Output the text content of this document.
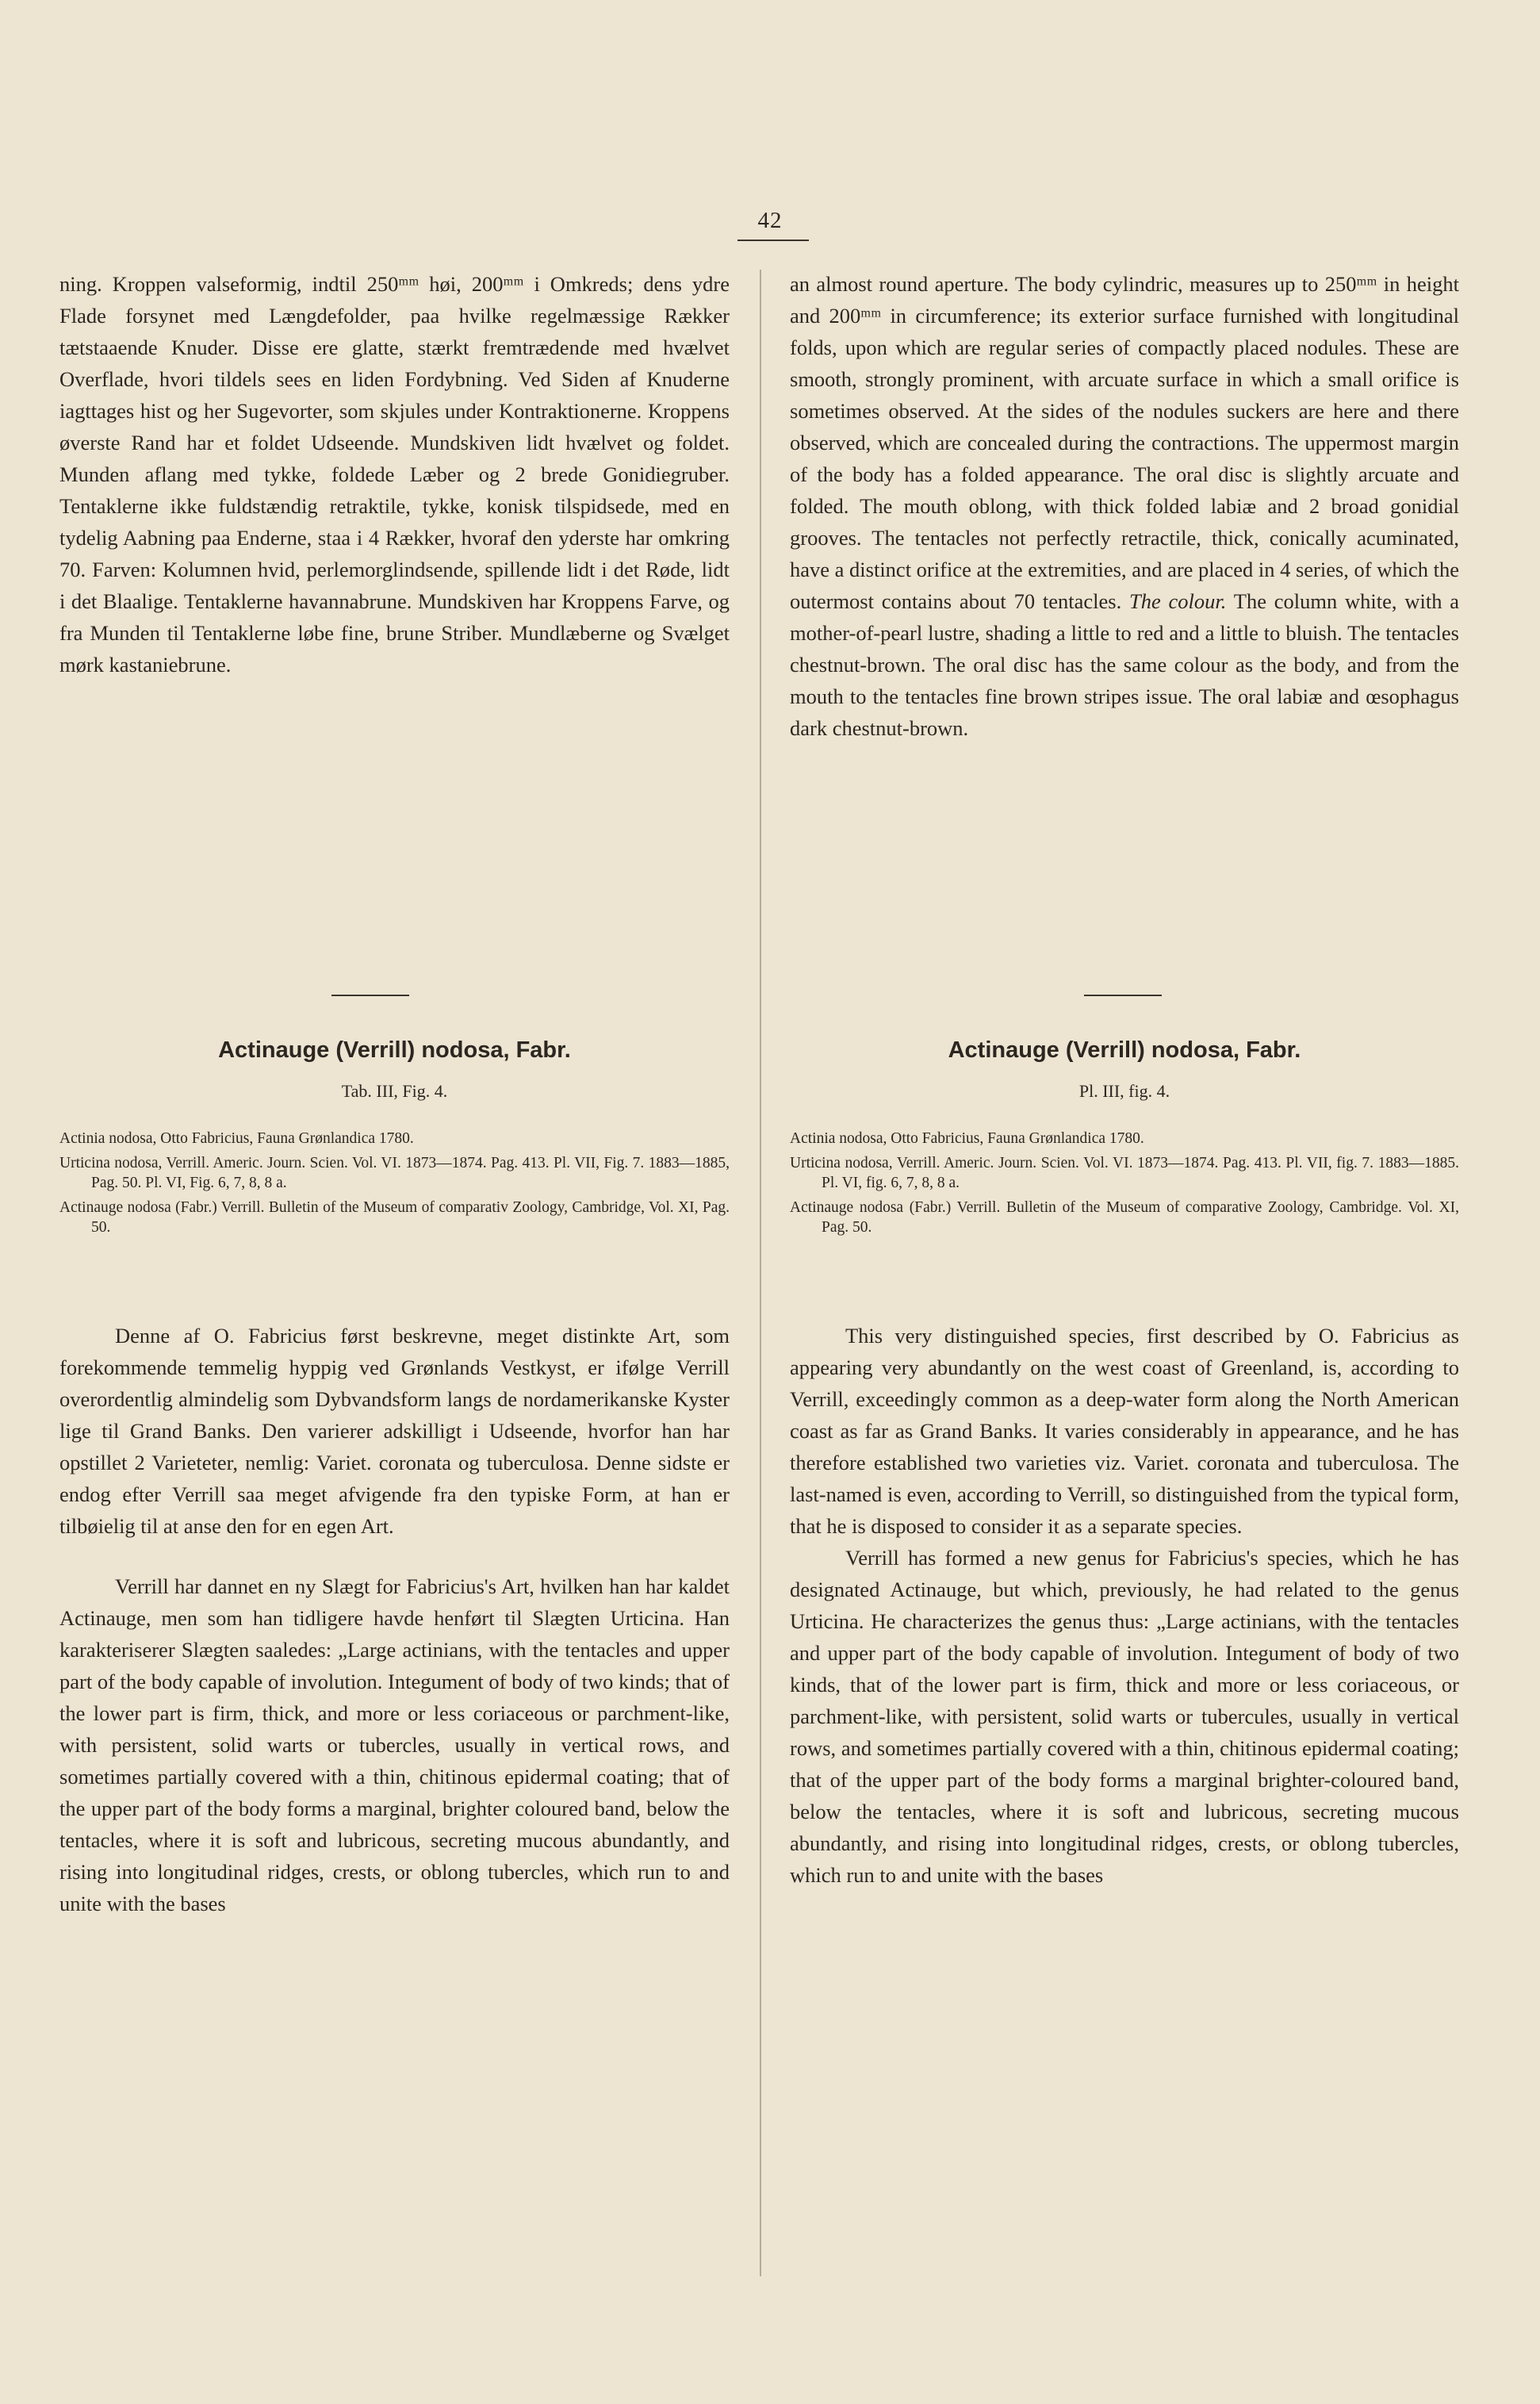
42

ning. Kroppen valseformig, indtil 250ᵐᵐ høi, 200ᵐᵐ i Omkreds; dens ydre Flade forsynet med Længdefolder, paa hvilke regelmæssige Rækker tætstaaende Knuder. Disse ere glatte, stærkt fremtrædende med hvælvet Overflade, hvori tildels sees en liden Fordybning. Ved Siden af Knuderne iagttages hist og her Sugevorter, som skjules under Kontraktionerne. Kroppens øverste Rand har et foldet Udseende. Mundskiven lidt hvælvet og foldet. Munden aflang med tykke, foldede Læber og 2 brede Gonidiegruber. Tentaklerne ikke fuldstændig retraktile, tykke, konisk tilspidsede, med en tydelig Aabning paa Enderne, staa i 4 Rækker, hvoraf den yderste har omkring 70. Farven: Kolumnen hvid, perlemorglindsende, spillende lidt i det Røde, lidt i det Blaalige. Tentaklerne havannabrune. Mundskiven har Kroppens Farve, og fra Munden til Tentaklerne løbe fine, brune Striber. Mundlæberne og Svælget mørk kastaniebrune.

an almost round aperture. The body cylindric, measures up to 250ᵐᵐ in height and 200ᵐᵐ in circumference; its exterior surface furnished with longitudinal folds, upon which are regular series of compactly placed nodules. These are smooth, strongly prominent, with arcuate surface in which a small orifice is sometimes observed. At the sides of the nodules suckers are here and there observed, which are concealed during the contractions. The uppermost margin of the body has a folded appearance. The oral disc is slightly arcuate and folded. The mouth oblong, with thick folded labiæ and 2 broad gonidial grooves. The tentacles not perfectly retractile, thick, conically acuminated, have a distinct orifice at the extremities, and are placed in 4 series, of which the outermost contains about 70 tentacles. The colour. The column white, with a mother-of-pearl lustre, shading a little to red and a little to bluish. The tentacles chestnut-brown. The oral disc has the same colour as the body, and from the mouth to the tentacles fine brown stripes issue. The oral labiæ and œsophagus dark chestnut-brown.

Actinauge (Verrill) nodosa, Fabr.
Tab. III, Fig. 4.

Actinia nodosa, Otto Fabricius, Fauna Grønlandica 1780.

Urticina nodosa, Verrill. Americ. Journ. Scien. Vol. VI. 1873—1874. Pag. 413. Pl. VII, Fig. 7. 1883—1885, Pag. 50. Pl. VI, Fig. 6, 7, 8, 8 a.

Actinauge nodosa (Fabr.) Verrill. Bulletin of the Museum of comparativ Zoology, Cambridge, Vol. XI, Pag. 50.

Denne af O. Fabricius først beskrevne, meget distinkte Art, som forekommende temmelig hyppig ved Grønlands Vestkyst, er ifølge Verrill overordentlig almindelig som Dybvandsform langs de nordamerikanske Kyster lige til Grand Banks. Den varierer adskilligt i Udseende, hvorfor han har opstillet 2 Varieteter, nemlig: Variet. coronata og tuberculosa. Denne sidste er endog efter Verrill saa meget afvigende fra den typiske Form, at han er tilbøielig til at anse den for en egen Art.

Verrill har dannet en ny Slægt for Fabricius's Art, hvilken han har kaldet Actinauge, men som han tidligere havde henført til Slægten Urticina. Han karakteriserer Slægten saaledes: „Large actinians, with the tentacles and upper part of the body capable of involution. Integument of body of two kinds; that of the lower part is firm, thick, and more or less coriaceous or parchment-like, with persistent, solid warts or tubercles, usually in vertical rows, and sometimes partially covered with a thin, chitinous epidermal coating; that of the upper part of the body forms a marginal, brighter coloured band, below the tentacles, where it is soft and lubricous, secreting mucous abundantly, and rising into longitudinal ridges, crests, or oblong tubercles, which run to and unite with the bases

Actinauge (Verrill) nodosa, Fabr.
Pl. III, fig. 4.

Actinia nodosa, Otto Fabricius, Fauna Grønlandica 1780.

Urticina nodosa, Verrill. Americ. Journ. Scien. Vol. VI. 1873—1874. Pag. 413. Pl. VII, fig. 7. 1883—1885. Pl. VI, fig. 6, 7, 8, 8 a.

Actinauge nodosa (Fabr.) Verrill. Bulletin of the Museum of comparative Zoology, Cambridge. Vol. XI, Pag. 50.

This very distinguished species, first described by O. Fabricius as appearing very abundantly on the west coast of Greenland, is, according to Verrill, exceedingly common as a deep-water form along the North American coast as far as Grand Banks. It varies considerably in appearance, and he has therefore established two varieties viz. Variet. coronata and tuberculosa. The last-named is even, according to Verrill, so distinguished from the typical form, that he is disposed to consider it as a separate species.

Verrill has formed a new genus for Fabricius's species, which he has designated Actinauge, but which, previously, he had related to the genus Urticina. He characterizes the genus thus: „Large actinians, with the tentacles and upper part of the body capable of involution. Integument of body of two kinds, that of the lower part is firm, thick and more or less coriaceous, or parchment-like, with persistent, solid warts or tubercules, usually in vertical rows, and sometimes partially covered with a thin, chitinous epidermal coating; that of the upper part of the body forms a marginal brighter-coloured band, below the tentacles, where it is soft and lubricous, secreting mucous abundantly, and rising into longitudinal ridges, crests, or oblong tubercles, which run to and unite with the bases
